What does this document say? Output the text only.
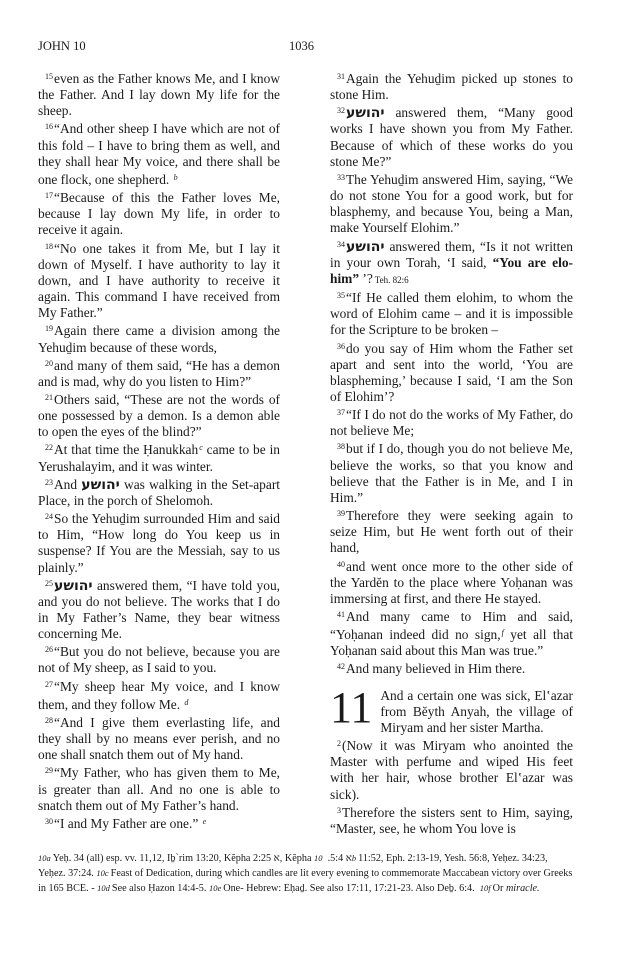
JOHN 10	1036

$^{15}$even as the Father knows Me, and I know the Father. And I lay down My life for the sheep.

$^{16}$“And other sheep I have which are not of this fold – I have to bring them as well, and they shall hear My voice, and there shall be one flock, one shepherd. $^b$

$^{17}$“Because of this the Father loves Me, because I lay down My life, in order to receive it again.

$^{18}$“No one takes it from Me, but I lay it down of Myself. I have authority to lay it down, and I have authority to receive it again. This command I have received from My Father.”

$^{19}$Again there came a division among the Yehuḏim because of these words,

$^{20}$and many of them said, “He has a demon and is mad, why do you listen to Him?”

$^{21}$Others said, “These are not the words of one possessed by a demon. Is a demon able to open the eyes of the blind?”

$^{22}$At that time the Ḥanukkah$^c$ came to be in Yerushalayim, and it was winter.

$^{23}$And יהושע was walking in the Set-apart Place, in the porch of Shelomoh.

$^{24}$So the Yehuḏim surrounded Him and said to Him, “How long do You keep us in suspense? If You are the Messiah, say to us plainly.”

$^{25}$יהושע answered them, “I have told you, and you do not believe. The works that I do in My Father’s Name, they bear witness concerning Me.

$^{26}$“But you do not believe, because you are not of My sheep, as I said to you.

$^{27}$“My sheep hear My voice, and I know them, and they follow Me. $^d$

$^{28}$“And I give them everlasting life, and they shall by no means ever perish, and no one shall snatch them out of My hand.

$^{29}$“My Father, who has given them to Me, is greater than all. And no one is able to snatch them out of My Father’s hand.

$^{30}$“I and My Father are one.” $^e$

$^{31}$Again the Yehuḏim picked up stones to stone Him.

$^{32}$יהושע answered them, “Many good works I have shown you from My Father. Because of which of these works do you stone Me?”

$^{33}$The Yehuḏim answered Him, saying, “We do not stone You for a good work, but for blasphemy, and because You, being a Man, make Yourself Elohim.”

$^{34}$יהושע answered them, “Is it not written in your own Torah, ‘I said, “You are elohim” ’? Teh. 82:6

$^{35}$“If He called them elohim, to whom the word of Elohim came – and it is impossible for the Scripture to be broken –

$^{36}$do you say of Him whom the Father set apart and sent into the world, ‘You are blaspheming,’ because I said, ‘I am the Son of Elohim’?

$^{37}$“If I do not do the works of My Father, do not believe Me;

$^{38}$but if I do, though you do not believe Me, believe the works, so that you know and believe that the Father is in Me, and I in Him.”

$^{39}$Therefore they were seeking again to seize Him, but He went forth out of their hand,

$^{40}$and went once more to the other side of the Yardĕn to the place where Yoḥanan was immersing at first, and there He stayed.

$^{41}$And many came to Him and said, “Yoḥanan indeed did no sign,$^f$ yet all that Yoḥanan said about this Man was true.”

$^{42}$And many believed in Him there.

11 And a certain one was sick, El‛azar from Bĕyth Anyah, the village of Miryam and her sister Martha.

$^2$(Now it was Miryam who anointed the Master with perfume and wiped His feet with her hair, whose brother El‛azar was sick).

$^3$Therefore the sisters sent to Him, saying, “Master, see, he whom You love is

10a Yeḥ. 34 (all) esp. vv. 11,12, Iḇ`rim 13:20, Kĕpha א 2:25, Kĕpha א 5:4.  10b 11:52, Eph. 2:13-19, Yesh. 56:8, Yeḥez. 34:23, Yeḥez. 37:24. 10c Feast of Dedication, during which candles are lit every evening to commemorate Maccabean victory over Greeks in 165 BCE. - 10d See also Ḥazon 14:4-5. 10e One- Hebrew: Eḥaḏ. See also 17:11, 17:21-23. Also Deḇ. 6:4. 10f Or miracle.
